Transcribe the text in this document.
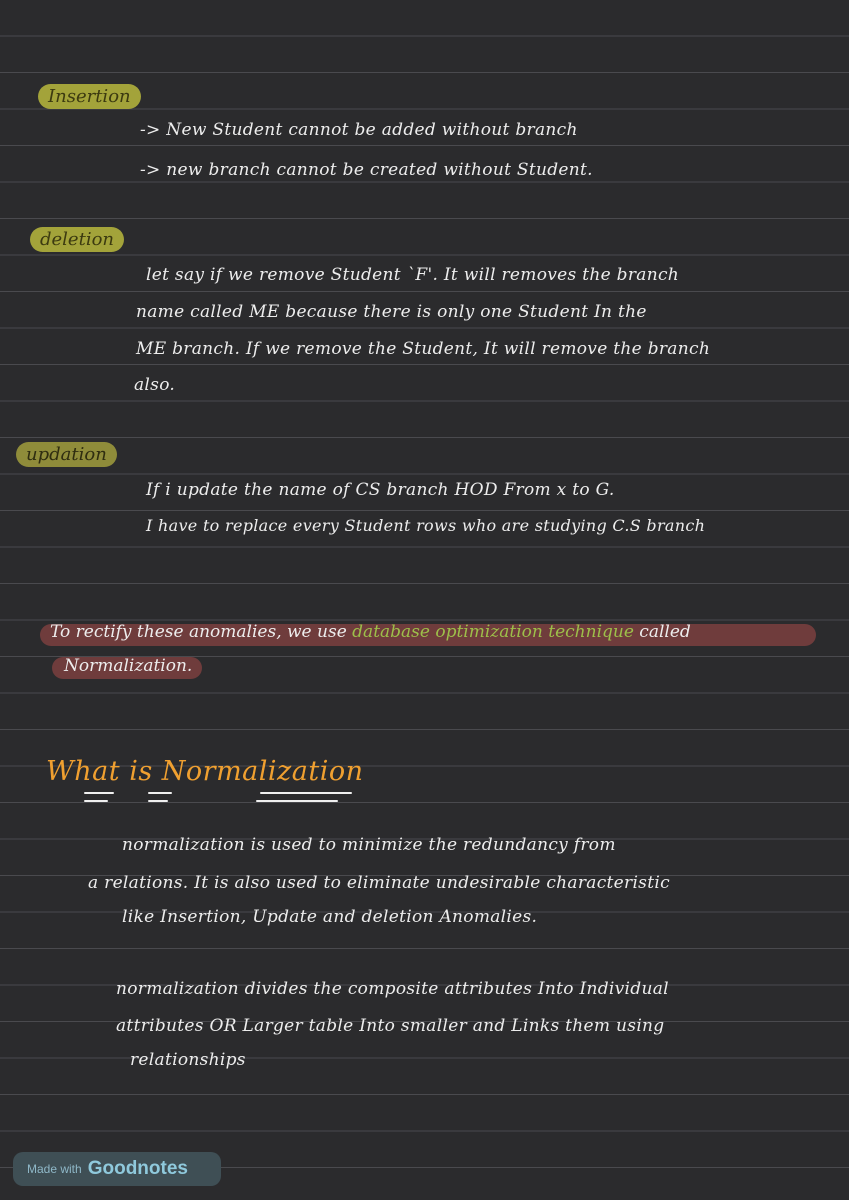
Insertion
-> New Student cannot be added without branch
-> new branch cannot be created without Student.
deletion
let say if we remove Student `F'. It will removes the branch
name called ME because there is only one Student In the
ME branch. If we remove the Student, It will remove the branch
also.
updation
If i update the name of CS branch HOD From x to G.
I have to replace every Student rows who are studying C.S branch
To rectify these anomalies, we use database optimization technique called
Normalization.
What is Normalization
normalization is used to minimize the redundancy from
a relations. It is also used to eliminate undesirable characteristic
like Insertion, Update and deletion Anomalies.
normalization divides the composite attributes Into Individual
attributes OR Larger table Into smaller and Links them using
relationships
Made with Goodnotes
